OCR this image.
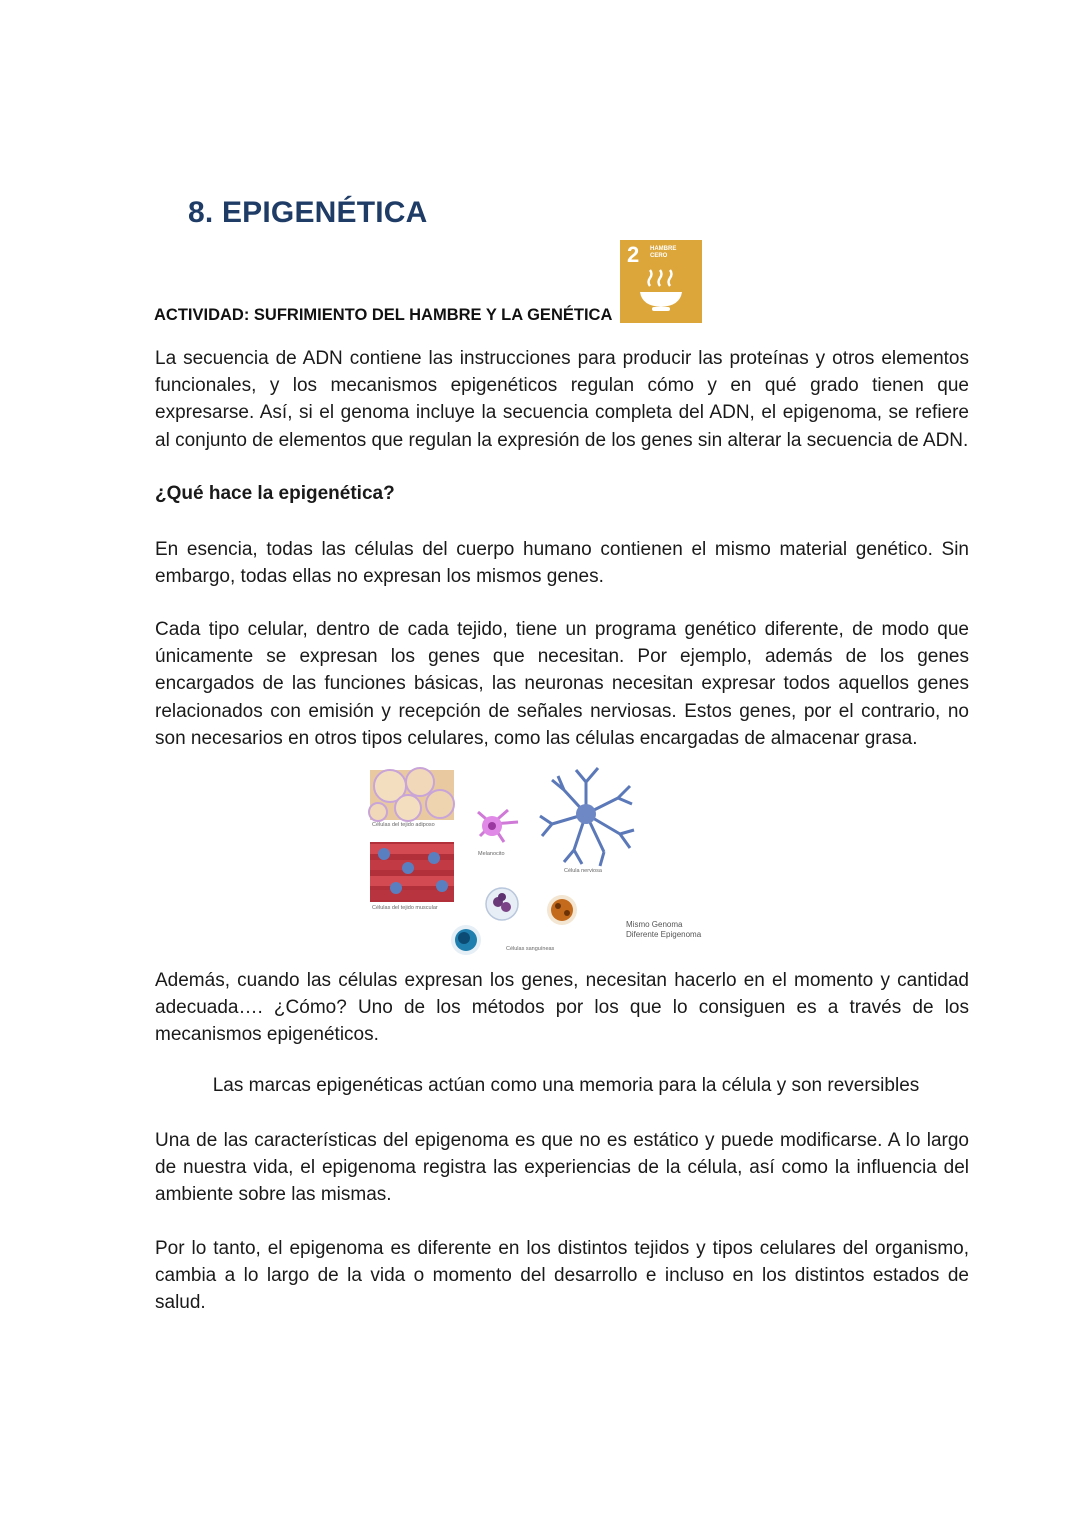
8. EPIGENÉTICA
2 HAMBRE
CERO

ACTIVIDAD: SUFRIMIENTO DEL HAMBRE Y LA GENÉTICA

La secuencia de ADN contiene las instrucciones para producir las proteínas y otros elementos funcionales, y los mecanismos epigenéticos regulan cómo y en qué grado tienen que expresarse. Así, si el genoma incluye la secuencia completa del ADN, el epigenoma, se refiere al conjunto de elementos que regulan la expresión de los genes sin alterar la secuencia de ADN.

¿Qué hace la epigenética?

En esencia, todas las células del cuerpo humano contienen el mismo material genético. Sin embargo, todas ellas no expresan los mismos genes.

Cada tipo celular, dentro de cada tejido, tiene un programa genético diferente, de modo que únicamente se expresan los genes que necesitan. Por ejemplo, además de los genes encargados de las funciones básicas, las neuronas necesitan expresar todos aquellos genes relacionados con emisión y recepción de señales nerviosas. Estos genes, por el contrario, no son necesarios en otros tipos celulares, como las células encargadas de almacenar grasa.

Células del tejido adiposo
Melanocito
Célula nerviosa
Células del tejido muscular
Células sanguíneas
Mismo Genoma
Diferente Epigenoma

Además, cuando las células expresan los genes, necesitan hacerlo en el momento y cantidad adecuada…. ¿Cómo? Uno de los métodos por los que lo consiguen es a través de los mecanismos epigenéticos.

Las marcas epigenéticas actúan como una memoria para la célula y son reversibles

Una de las características del epigenoma es que no es estático y puede modificarse. A lo largo de nuestra vida, el epigenoma registra las experiencias de la célula, así como la influencia del ambiente sobre las mismas.

Por lo tanto, el epigenoma es diferente en los distintos tejidos y tipos celulares del organismo, cambia a lo largo de la vida o momento del desarrollo e incluso en los distintos estados de salud.
